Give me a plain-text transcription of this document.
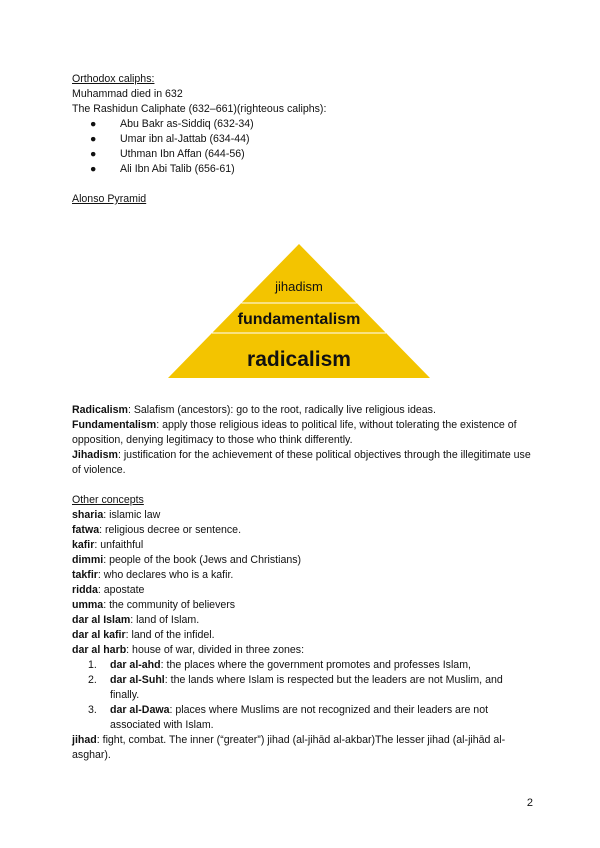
Orthodox caliphs:
Muhammad died in 632
The Rashidun Caliphate (632–661)(righteous caliphs):
● Abu Bakr as-Siddiq (632-34)
● Umar ibn al-Jattab (634-44)
● Uthman Ibn Affan (644-56)
● Ali Ibn Abi Talib (656-61)
Alonso Pyramid
jihadism
fundamentalism
radicalism

Radicalism: Salafism (ancestors): go to the root, radically live religious ideas.

Fundamentalism: apply those religious ideas to political life, without tolerating the existence of opposition, denying legitimacy to those who think differently.

Jihadism: justification for the achievement of these political objectives through the illegitimate use of violence.

Other concepts
sharia: islamic law
fatwa: religious decree or sentence.
kafir: unfaithful
dimmi: people of the book (Jews and Christians)
takfir: who declares who is a kafir.
ridda: apostate
umma: the community of believers
dar al Islam: land of Islam.
dar al kafir: land of the infidel.
dar al harb: house of war, divided in three zones:
1. dar al-ahd: the places where the government promotes and professes Islam,
2. dar al-Suhl: the lands where Islam is respected but the leaders are not Muslim, and finally.
3. dar al-Dawa: places where Muslims are not recognized and their leaders are not associated with Islam.

jihad: fight, combat. The inner (“greater”) jihad (al-jihād al-akbar)The lesser jihad (al-jihād al-asghar).

2
